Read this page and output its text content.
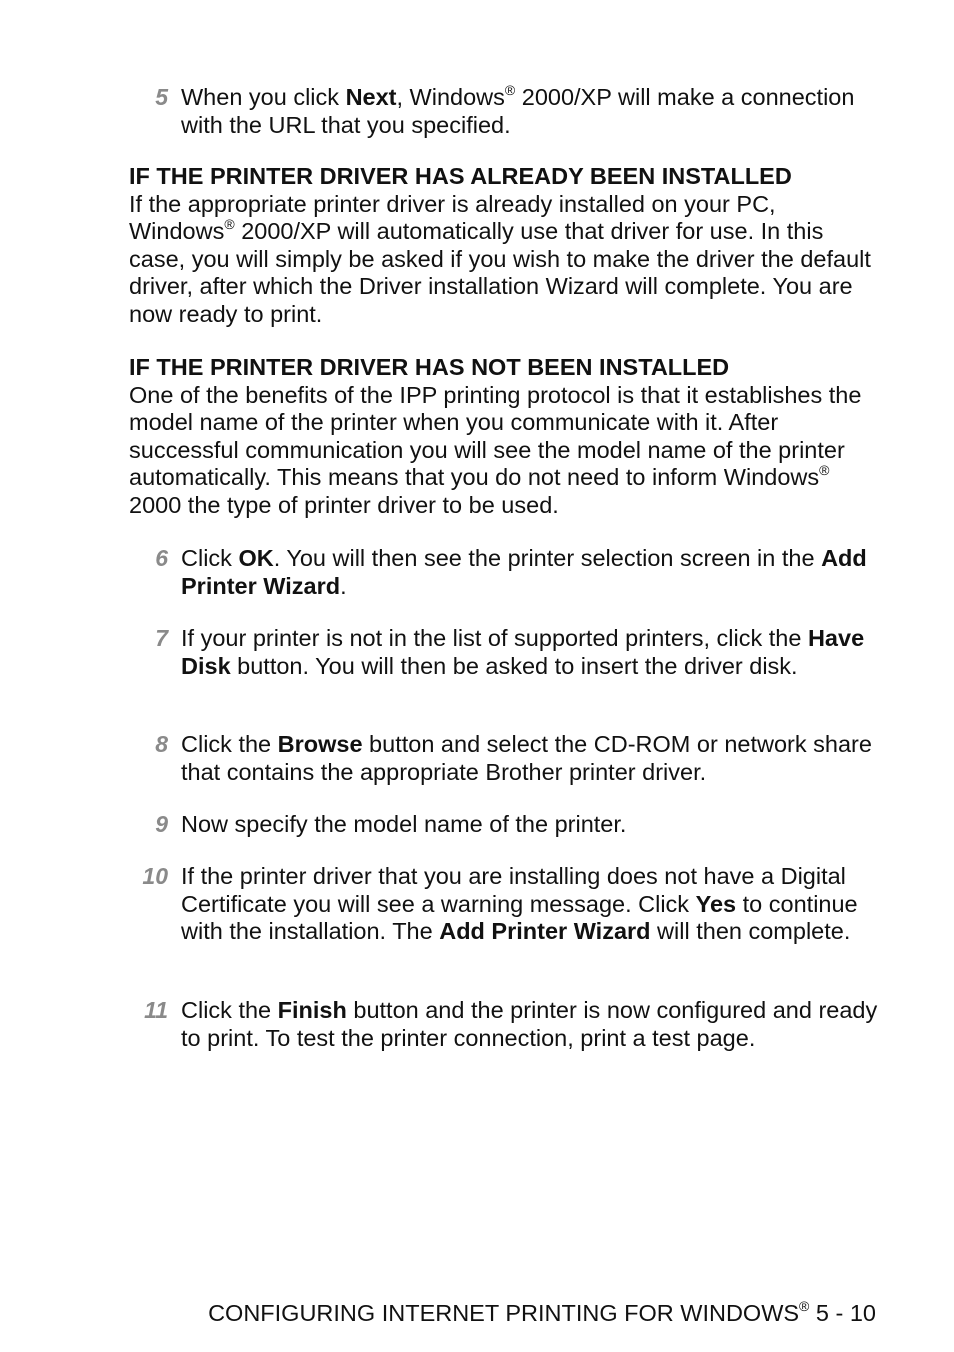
5 When you click Next, Windows® 2000/XP will make a connection with the URL that you specified.
IF THE PRINTER DRIVER HAS ALREADY BEEN INSTALLED
If the appropriate printer driver is already installed on your PC, Windows® 2000/XP will automatically use that driver for use. In this case, you will simply be asked if you wish to make the driver the default driver, after which the Driver installation Wizard will complete. You are now ready to print.
IF THE PRINTER DRIVER HAS NOT BEEN INSTALLED
One of the benefits of the IPP printing protocol is that it establishes the model name of the printer when you communicate with it. After successful communication you will see the model name of the printer automatically. This means that you do not need to inform Windows® 2000 the type of printer driver to be used.
6 Click OK. You will then see the printer selection screen in the Add Printer Wizard.
7 If your printer is not in the list of supported printers, click the Have Disk button. You will then be asked to insert the driver disk.
8 Click the Browse button and select the CD-ROM or network share that contains the appropriate Brother printer driver.
9 Now specify the model name of the printer.
10 If the printer driver that you are installing does not have a Digital Certificate you will see a warning message. Click Yes to continue with the installation. The Add Printer Wizard will then complete.
11 Click the Finish button and the printer is now configured and ready to print. To test the printer connection, print a test page.
CONFIGURING INTERNET PRINTING FOR WINDOWS® 5 - 10
